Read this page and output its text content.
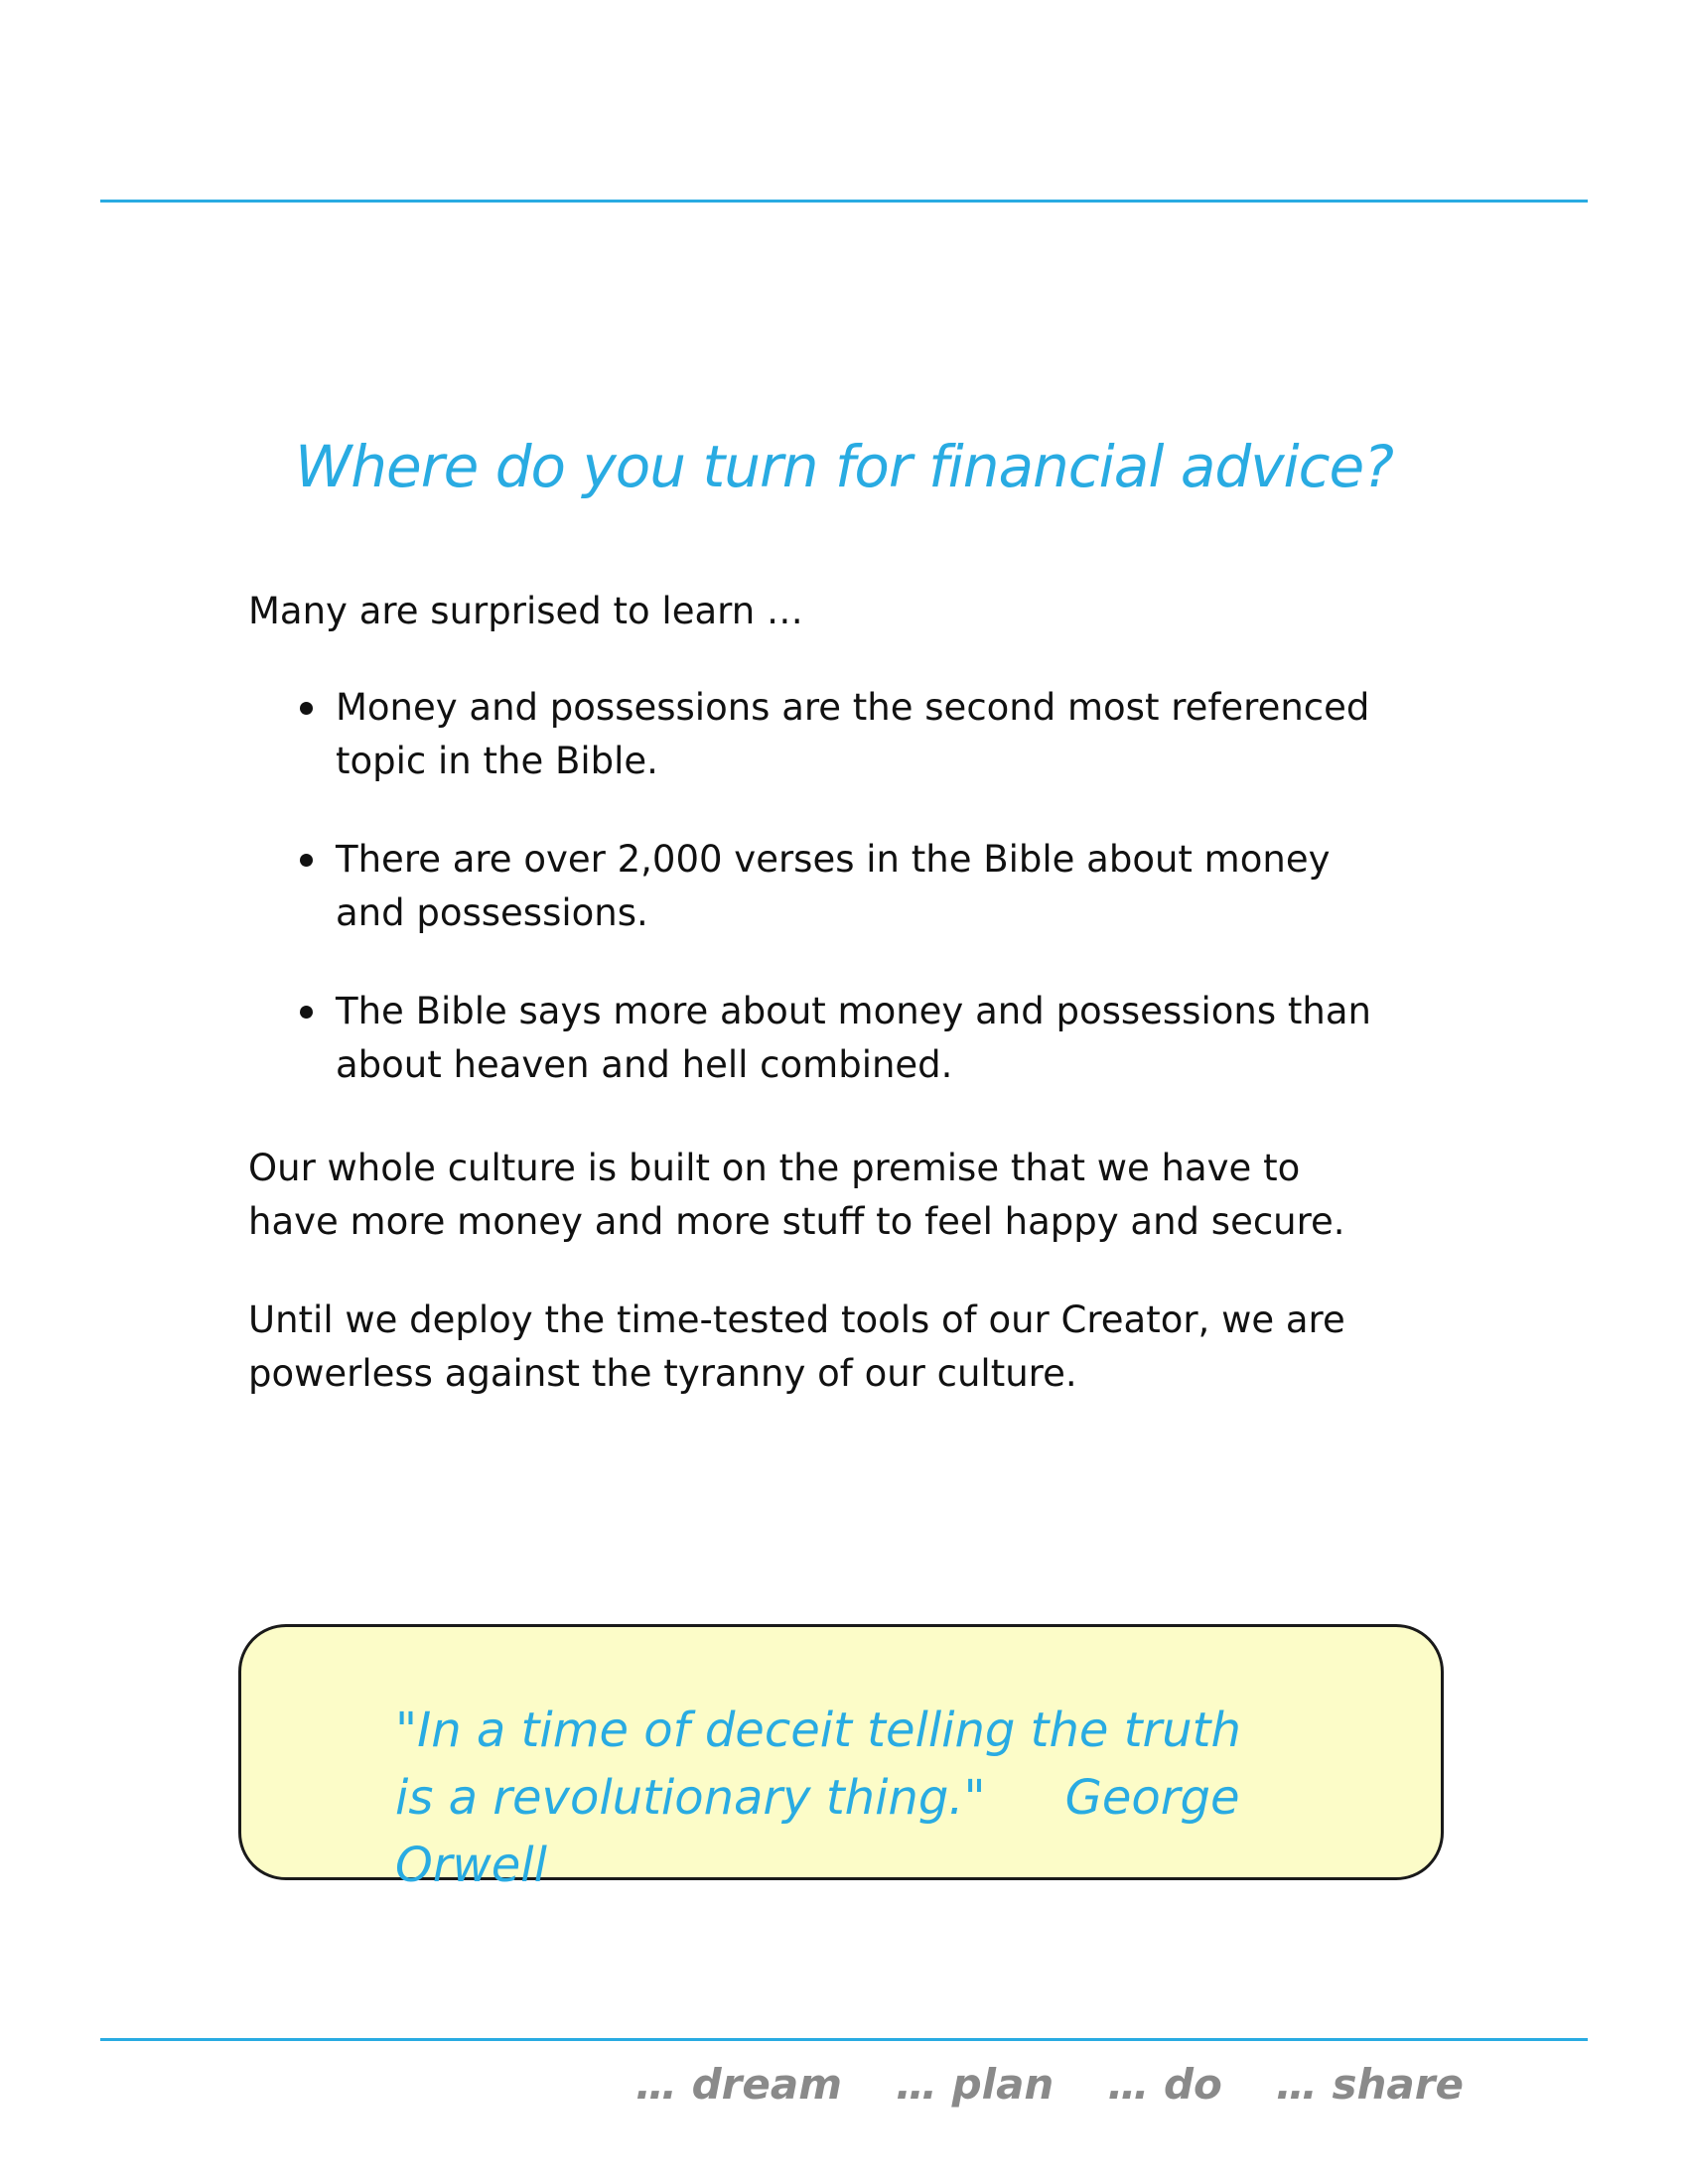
Where do you turn for financial advice?

Many are surprised to learn …

Money and possessions are the second most referenced topic in the Bible.
There are over 2,000 verses in the Bible about money and possessions.
The Bible says more about money and possessions than about heaven and hell combined.

Our whole culture is built on the premise that we have to have more money and more stuff to feel happy and secure.

Until we deploy the time-tested tools of our Creator, we are powerless against the tyranny of our culture.

"In a time of deceit telling the truth is a revolutionary thing." George Orwell

… dream … plan … do … share
